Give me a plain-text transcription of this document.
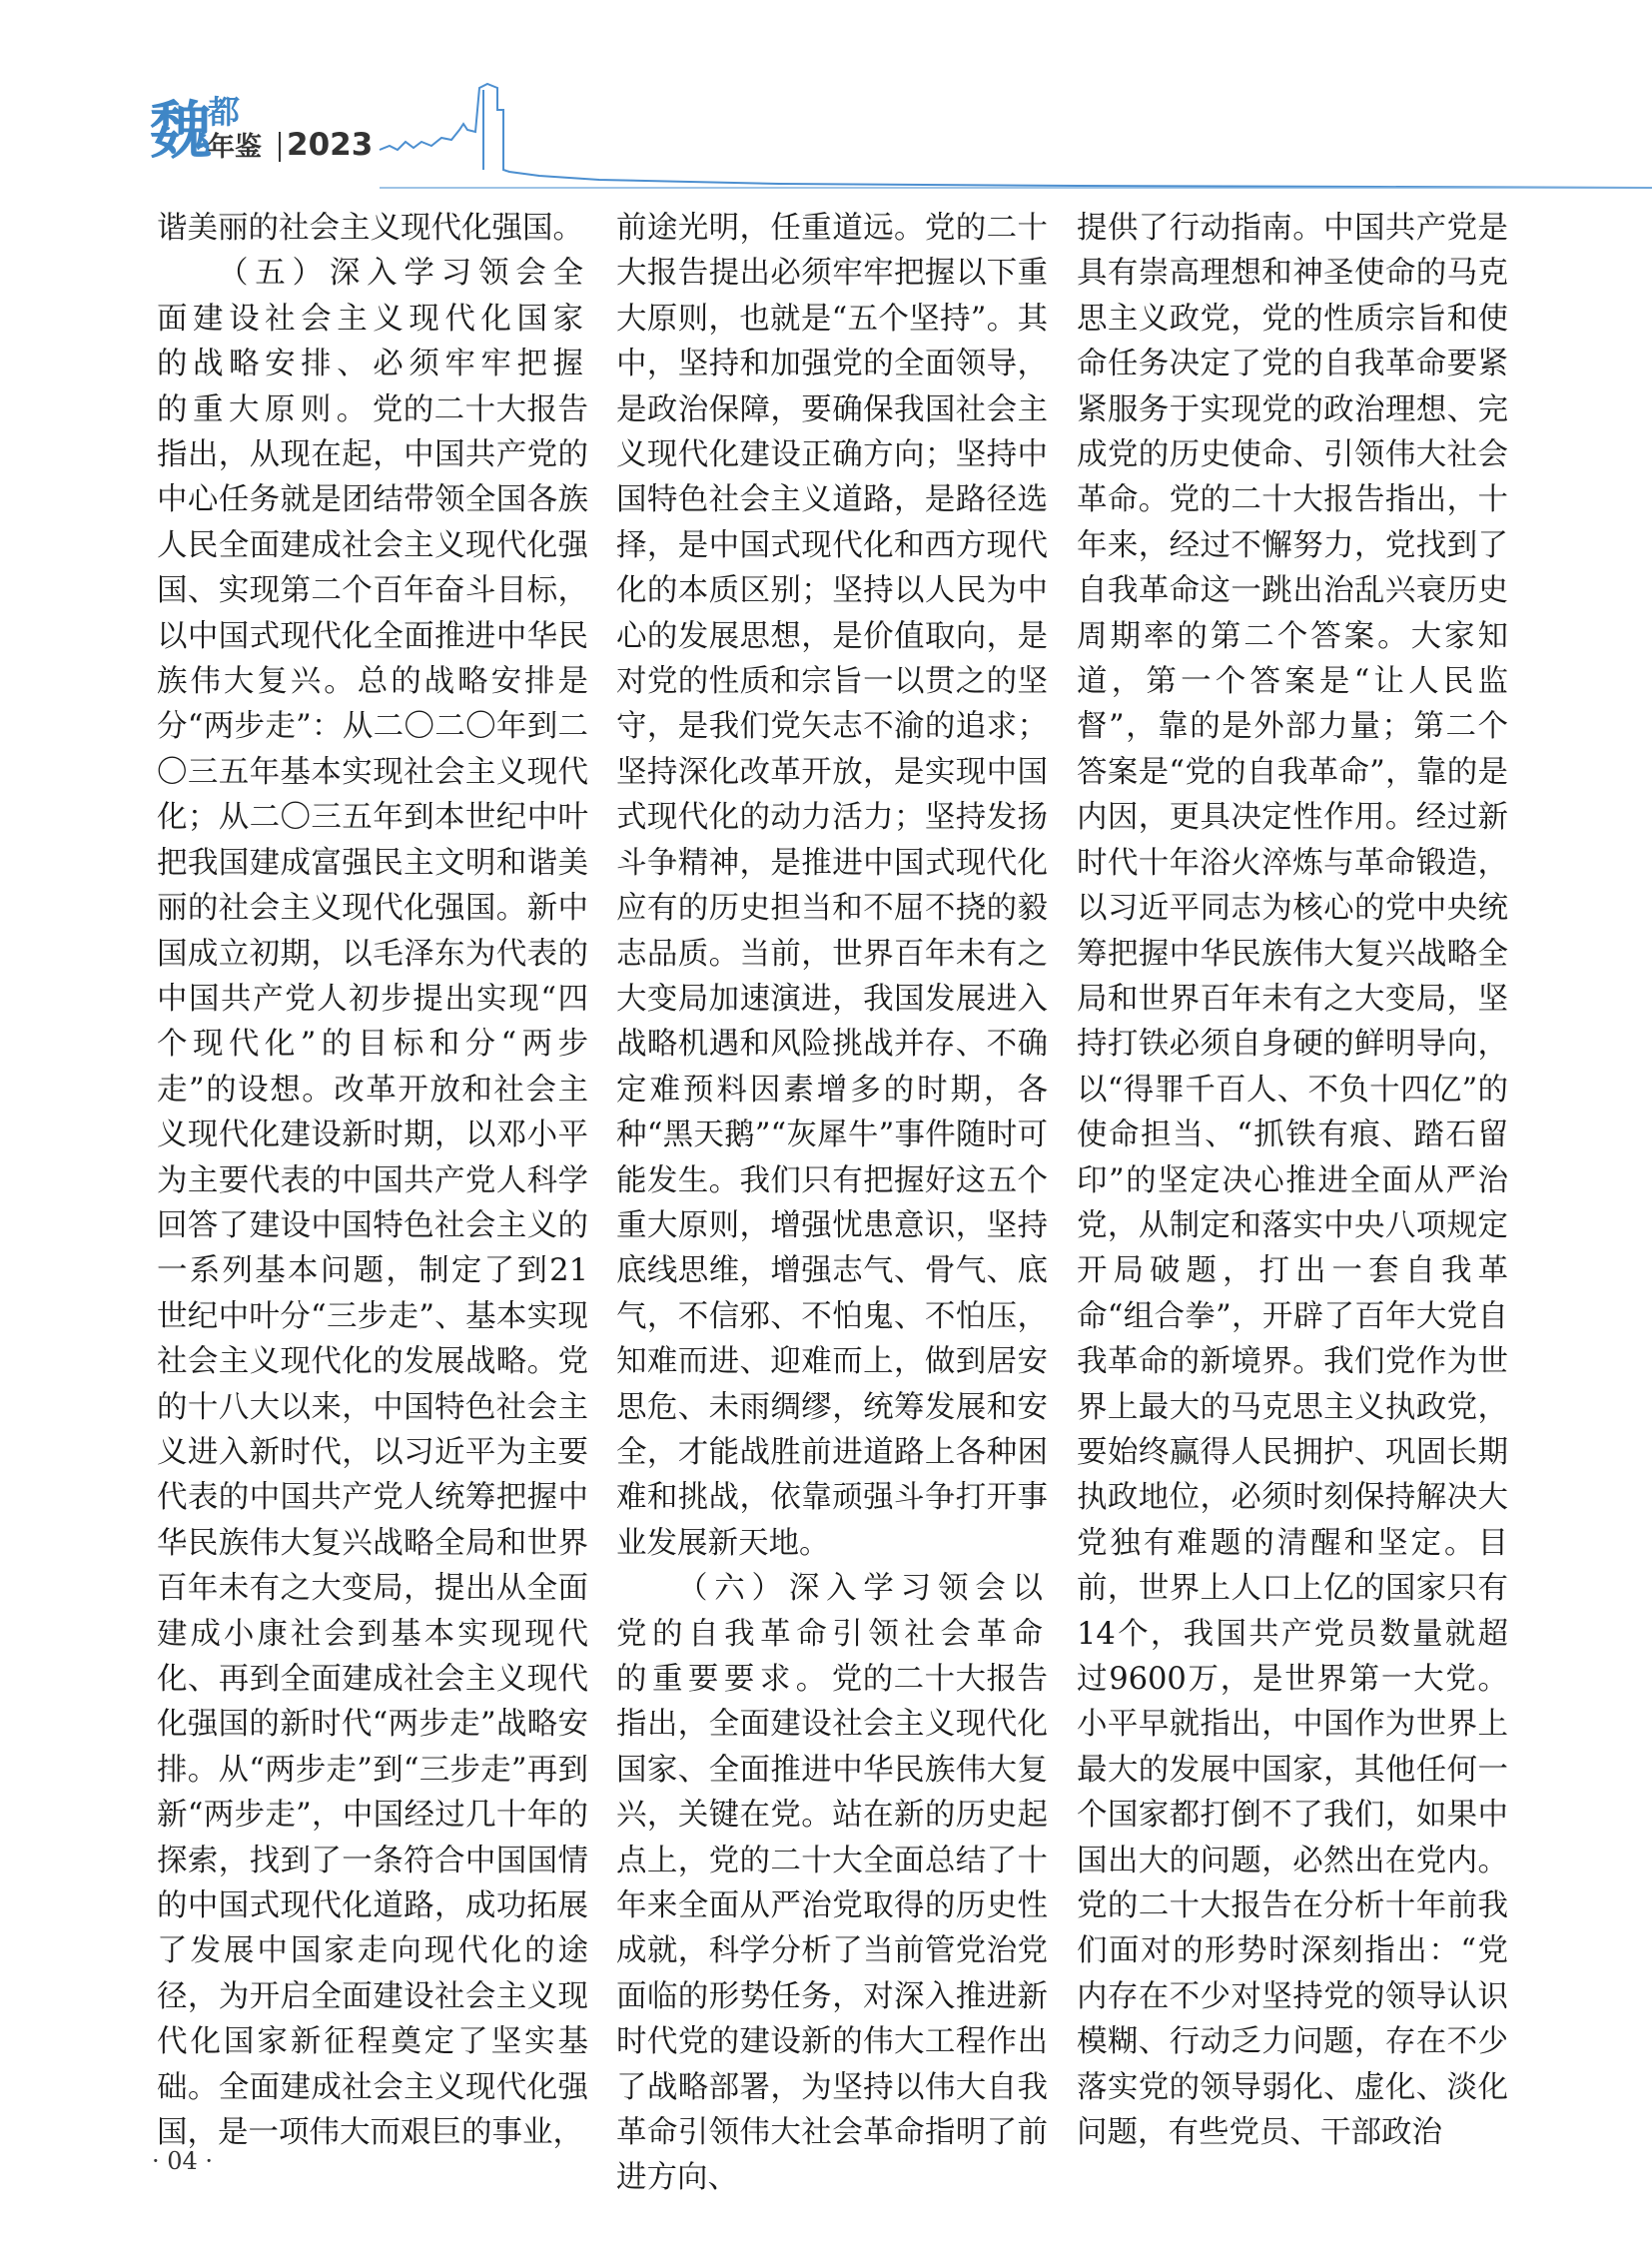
魏
都
年鉴 2023

谐美丽的社会主义现代化强国。

（五）深入学习领会全面建设社会主义现代化国家的战略安排、必须牢牢把握的重大原则。党的二十大报告指出，从现在起，中国共产党的中心任务就是团结带领全国各族人民全面建成社会主义现代化强国、实现第二个百年奋斗目标，以中国式现代化全面推进中华民族伟大复兴。总的战略安排是分“两步走”：从二〇二〇年到二〇三五年基本实现社会主义现代化；从二〇三五年到本世纪中叶把我国建成富强民主文明和谐美丽的社会主义现代化强国。新中国成立初期，以毛泽东为代表的中国共产党人初步提出实现“四个现代化”的目标和分“两步走”的设想。改革开放和社会主义现代化建设新时期，以邓小平为主要代表的中国共产党人科学回答了建设中国特色社会主义的一系列基本问题，制定了到21世纪中叶分“三步走”、基本实现社会主义现代化的发展战略。党的十八大以来，中国特色社会主义进入新时代，以习近平为主要代表的中国共产党人统筹把握中华民族伟大复兴战略全局和世界百年未有之大变局，提出从全面建成小康社会到基本实现现代化、再到全面建成社会主义现代化强国的新时代“两步走”战略安排。从“两步走”到“三步走”再到新“两步走”，中国经过几十年的探索，找到了一条符合中国国情的中国式现代化道路，成功拓展了发展中国家走向现代化的途径，为开启全面建设社会主义现代化国家新征程奠定了坚实基础。全面建成社会主义现代化强国，是一项伟大而艰巨的事业，

前途光明，任重道远。党的二十大报告提出必须牢牢把握以下重大原则，也就是“五个坚持”。其中，坚持和加强党的全面领导，是政治保障，要确保我国社会主义现代化建设正确方向；坚持中国特色社会主义道路，是路径选择，是中国式现代化和西方现代化的本质区别；坚持以人民为中心的发展思想，是价值取向，是对党的性质和宗旨一以贯之的坚守，是我们党矢志不渝的追求；坚持深化改革开放，是实现中国式现代化的动力活力；坚持发扬斗争精神，是推进中国式现代化应有的历史担当和不屈不挠的毅志品质。当前，世界百年未有之大变局加速演进，我国发展进入战略机遇和风险挑战并存、不确定难预料因素增多的时期，各种“黑天鹅”“灰犀牛”事件随时可能发生。我们只有把握好这五个重大原则，增强忧患意识，坚持底线思维，增强志气、骨气、底气，不信邪、不怕鬼、不怕压，知难而进、迎难而上，做到居安思危、未雨绸缪，统筹发展和安全，才能战胜前进道路上各种困难和挑战，依靠顽强斗争打开事业发展新天地。

（六）深入学习领会以党的自我革命引领社会革命的重要要求。党的二十大报告指出，全面建设社会主义现代化国家、全面推进中华民族伟大复兴，关键在党。站在新的历史起点上，党的二十大全面总结了十年来全面从严治党取得的历史性成就，科学分析了当前管党治党面临的形势任务，对深入推进新时代党的建设新的伟大工程作出了战略部署，为坚持以伟大自我革命引领伟大社会革命指明了前进方向、

提供了行动指南。中国共产党是具有崇高理想和神圣使命的马克思主义政党，党的性质宗旨和使命任务决定了党的自我革命要紧紧服务于实现党的政治理想、完成党的历史使命、引领伟大社会革命。党的二十大报告指出，十年来，经过不懈努力，党找到了自我革命这一跳出治乱兴衰历史周期率的第二个答案。大家知道，第一个答案是“让人民监督”，靠的是外部力量；第二个答案是“党的自我革命”，靠的是内因，更具决定性作用。经过新时代十年浴火淬炼与革命锻造，以习近平同志为核心的党中央统筹把握中华民族伟大复兴战略全局和世界百年未有之大变局，坚持打铁必须自身硬的鲜明导向，以“得罪千百人、不负十四亿”的使命担当、“抓铁有痕、踏石留印”的坚定决心推进全面从严治党，从制定和落实中央八项规定开局破题，打出一套自我革命“组合拳”，开辟了百年大党自我革命的新境界。我们党作为世界上最大的马克思主义执政党，要始终赢得人民拥护、巩固长期执政地位，必须时刻保持解决大党独有难题的清醒和坚定。目前，世界上人口上亿的国家只有14个，我国共产党员数量就超过9600万，是世界第一大党。小平早就指出，中国作为世界上最大的发展中国家，其他任何一个国家都打倒不了我们，如果中国出大的问题，必然出在党内。党的二十大报告在分析十年前我们面对的形势时深刻指出：“党内存在不少对坚持党的领导认识模糊、行动乏力问题，存在不少落实党的领导弱化、虚化、淡化问题，有些党员、干部政治

· 04 ·
